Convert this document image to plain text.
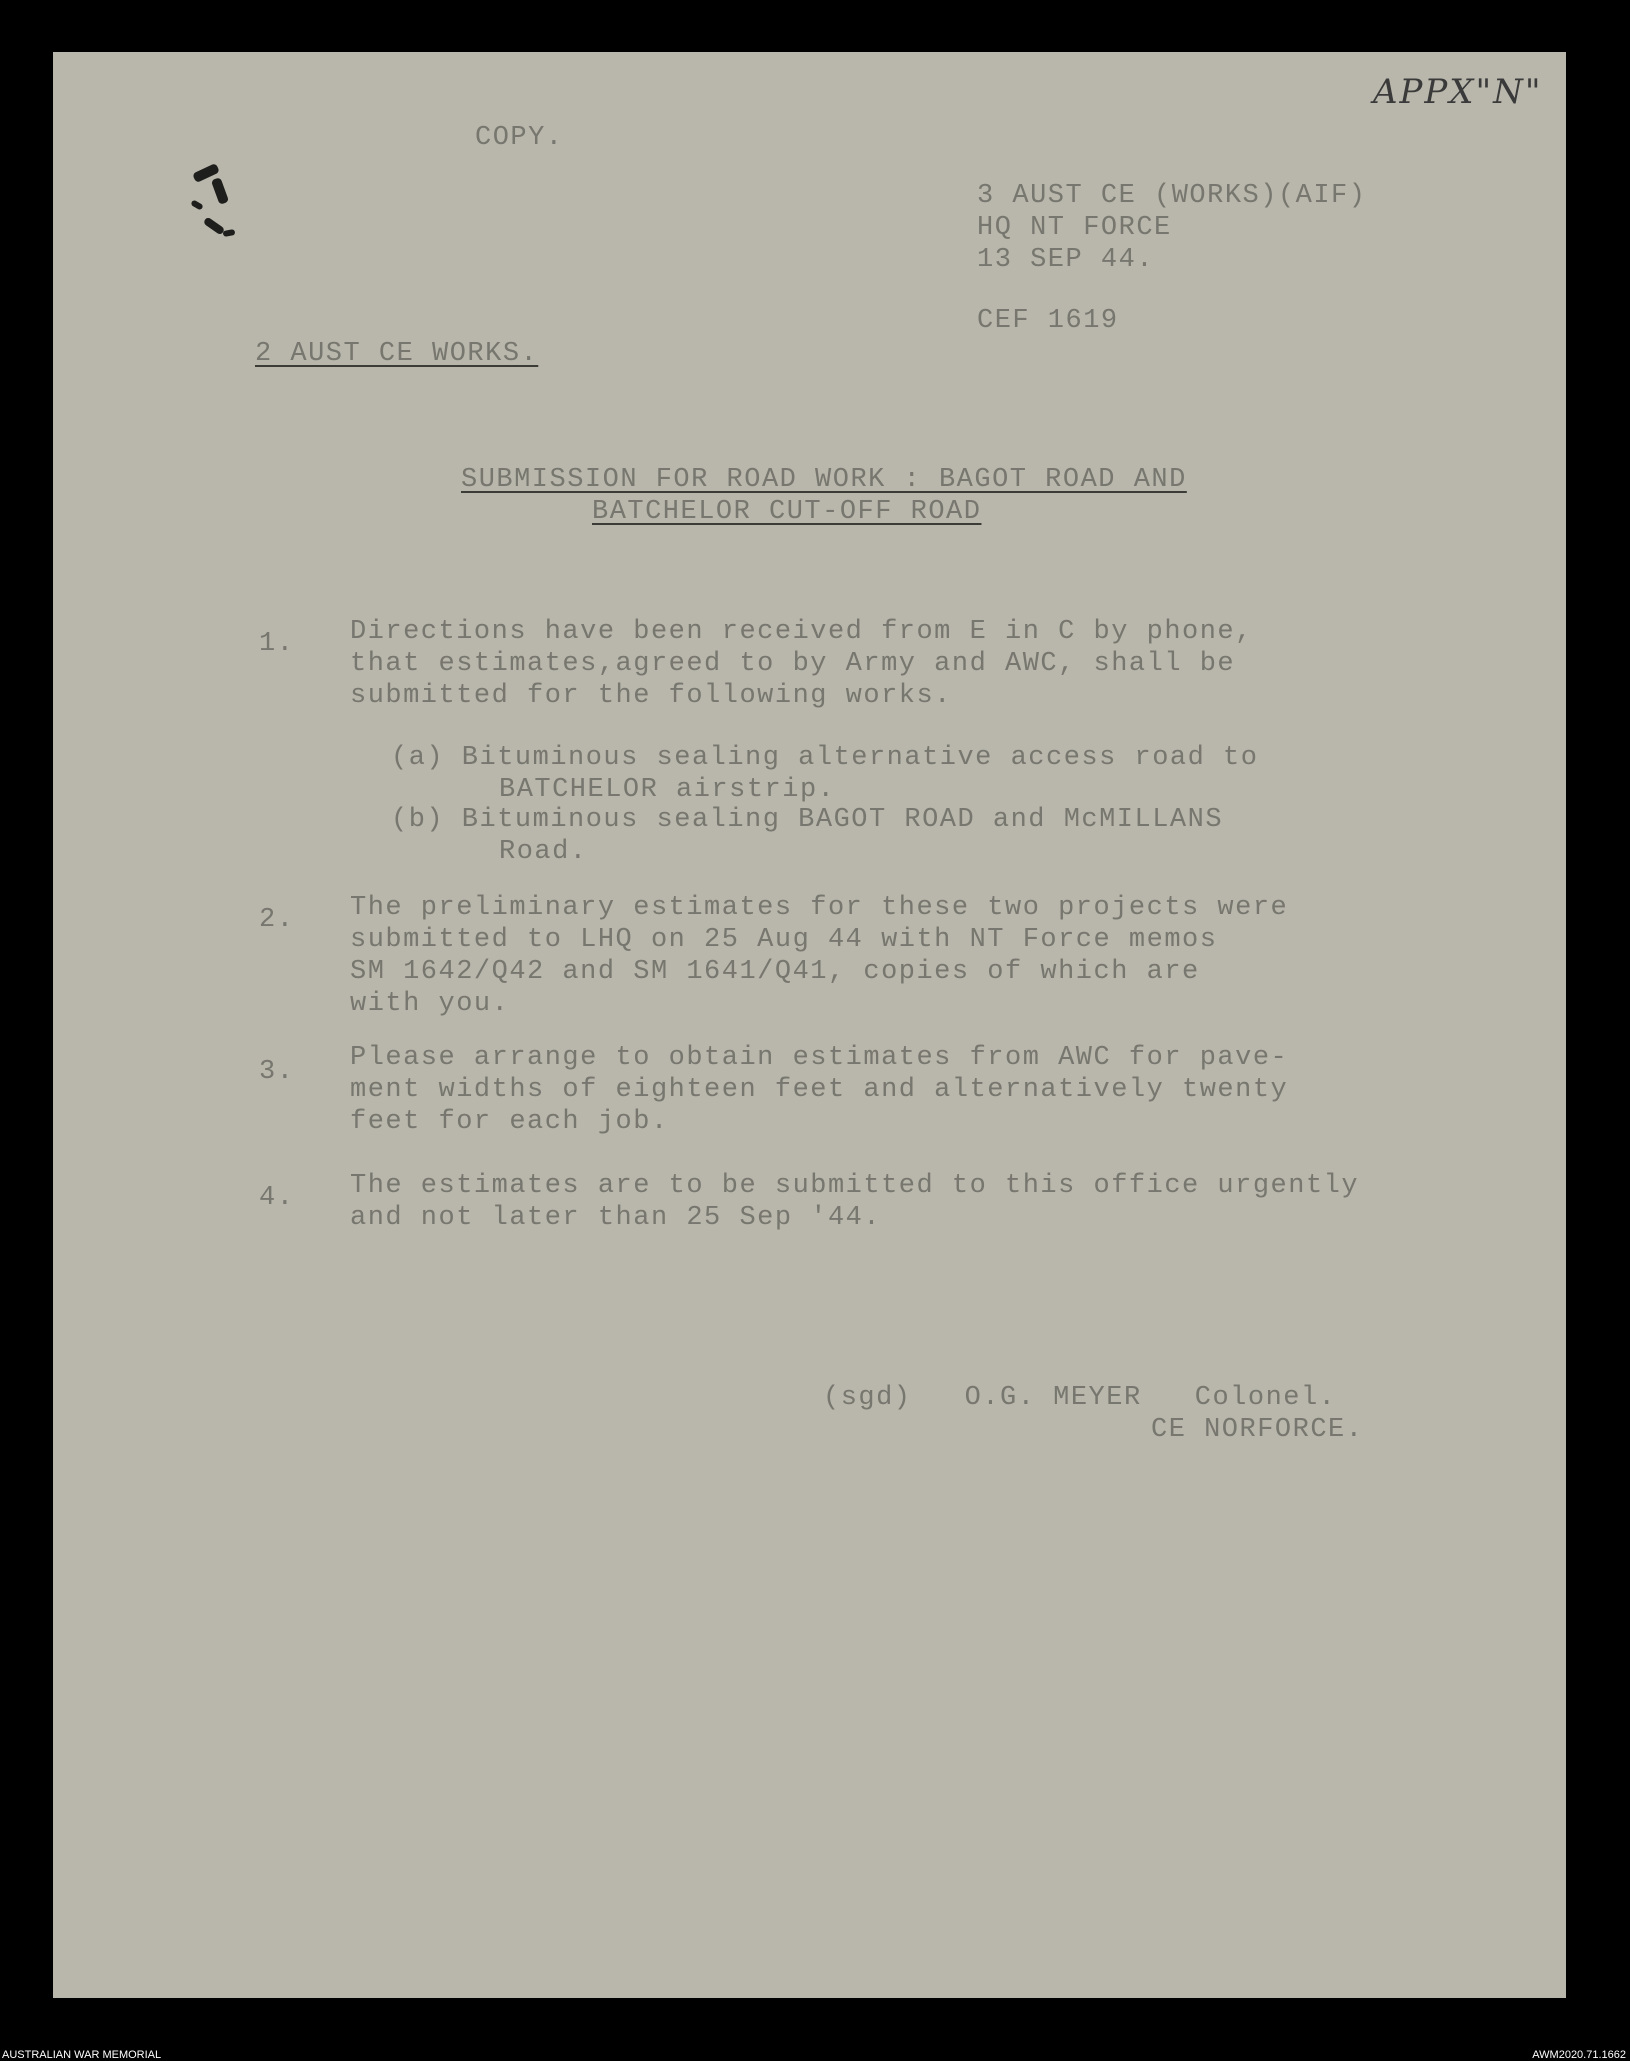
APPX"N"
COPY.
3 AUST CE (WORKS)(AIF)
HQ NT FORCE
13 SEP 44.
CEF 1619
2 AUST CE WORKS.
SUBMISSION FOR ROAD WORK : BAGOT ROAD AND
BATCHELOR CUT-OFF ROAD
1. Directions have been received from E in C by phone,
that estimates,agreed to by Army and AWC, shall be
submitted for the following works.
(a) Bituminous sealing alternative access road to
BATCHELOR airstrip.
(b) Bituminous sealing BAGOT ROAD and McMILLANS
Road.
2. The preliminary estimates for these two projects were
submitted to LHQ on 25 Aug 44 with NT Force memos
SM 1642/Q42 and SM 1641/Q41, copies of which are
with you.
3. Please arrange to obtain estimates from AWC for pave-
ment widths of eighteen feet and alternatively twenty
feet for each job.
4. The estimates are to be submitted to this office urgently
and not later than 25 Sep '44.
(sgd)   O.G. MEYER   Colonel.
CE NORFORCE.
AUSTRALIAN WAR MEMORIAL	AWM2020.71.1662
